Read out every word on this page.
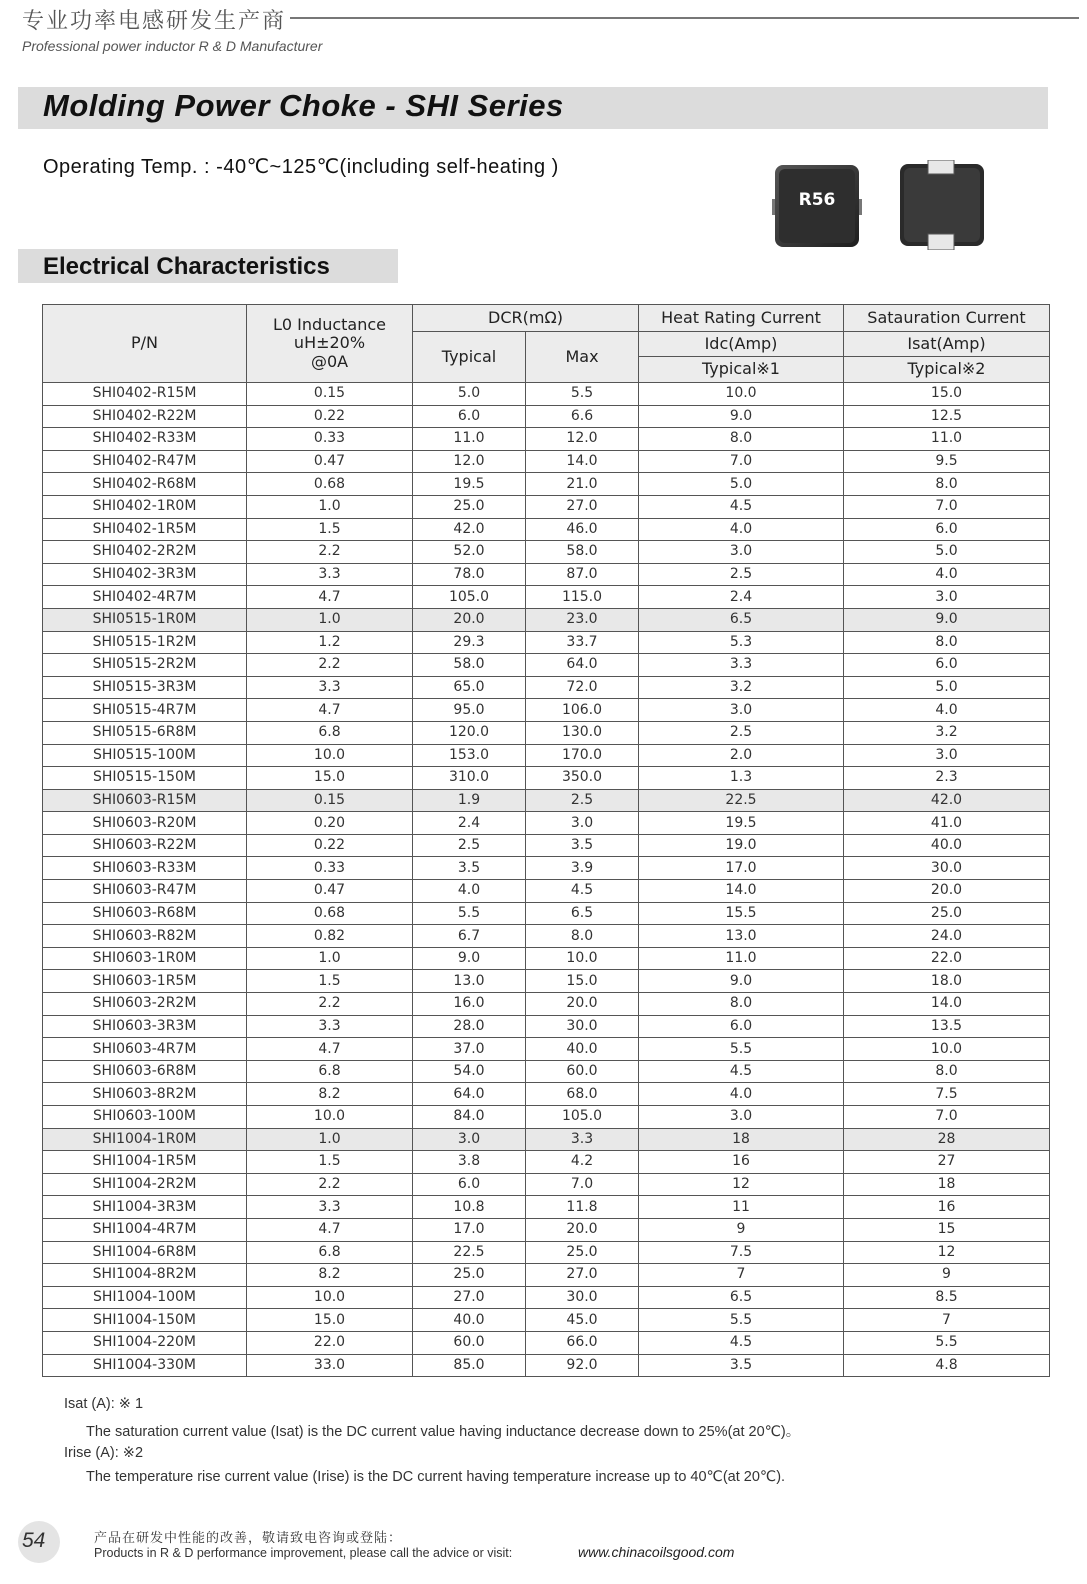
专业功率电感研发生产商
Professional power inductor R & D Manufacturer
Molding Power Choke - SHI Series
Operating Temp. : -40℃~125℃(including self-heating )
R56
Electrical Characteristics
P/N	L0 Inductance
uH±20%
@0A	DCR(mΩ)		Heat Rating Current	Satauration Current
		Typical	Max	Idc(Amp)	Isat(Amp)
				Typical※1	Typical※2
SHI0402-R15M	0.15	5.0	5.5	10.0	15.0
SHI0402-R22M	0.22	6.0	6.6	9.0	12.5
SHI0402-R33M	0.33	11.0	12.0	8.0	11.0
SHI0402-R47M	0.47	12.0	14.0	7.0	9.5
SHI0402-R68M	0.68	19.5	21.0	5.0	8.0
SHI0402-1R0M	1.0	25.0	27.0	4.5	7.0
SHI0402-1R5M	1.5	42.0	46.0	4.0	6.0
SHI0402-2R2M	2.2	52.0	58.0	3.0	5.0
SHI0402-3R3M	3.3	78.0	87.0	2.5	4.0
SHI0402-4R7M	4.7	105.0	115.0	2.4	3.0
SHI0515-1R0M	1.0	20.0	23.0	6.5	9.0
SHI0515-1R2M	1.2	29.3	33.7	5.3	8.0
SHI0515-2R2M	2.2	58.0	64.0	3.3	6.0
SHI0515-3R3M	3.3	65.0	72.0	3.2	5.0
SHI0515-4R7M	4.7	95.0	106.0	3.0	4.0
SHI0515-6R8M	6.8	120.0	130.0	2.5	3.2
SHI0515-100M	10.0	153.0	170.0	2.0	3.0
SHI0515-150M	15.0	310.0	350.0	1.3	2.3
SHI0603-R15M	0.15	1.9	2.5	22.5	42.0
SHI0603-R20M	0.20	2.4	3.0	19.5	41.0
SHI0603-R22M	0.22	2.5	3.5	19.0	40.0
SHI0603-R33M	0.33	3.5	3.9	17.0	30.0
SHI0603-R47M	0.47	4.0	4.5	14.0	20.0
SHI0603-R68M	0.68	5.5	6.5	15.5	25.0
SHI0603-R82M	0.82	6.7	8.0	13.0	24.0
SHI0603-1R0M	1.0	9.0	10.0	11.0	22.0
SHI0603-1R5M	1.5	13.0	15.0	9.0	18.0
SHI0603-2R2M	2.2	16.0	20.0	8.0	14.0
SHI0603-3R3M	3.3	28.0	30.0	6.0	13.5
SHI0603-4R7M	4.7	37.0	40.0	5.5	10.0
SHI0603-6R8M	6.8	54.0	60.0	4.5	8.0
SHI0603-8R2M	8.2	64.0	68.0	4.0	7.5
SHI0603-100M	10.0	84.0	105.0	3.0	7.0
SHI1004-1R0M	1.0	3.0	3.3	18	28
SHI1004-1R5M	1.5	3.8	4.2	16	27
SHI1004-2R2M	2.2	6.0	7.0	12	18
SHI1004-3R3M	3.3	10.8	11.8	11	16
SHI1004-4R7M	4.7	17.0	20.0	9	15
SHI1004-6R8M	6.8	22.5	25.0	7.5	12
SHI1004-8R2M	8.2	25.0	27.0	7	9
SHI1004-100M	10.0	27.0	30.0	6.5	8.5
SHI1004-150M	15.0	40.0	45.0	5.5	7
SHI1004-220M	22.0	60.0	66.0	4.5	5.5
SHI1004-330M	33.0	85.0	92.0	3.5	4.8
Isat (A): ※ 1
The saturation current value (Isat) is the DC current value having inductance decrease down to 25%(at 20℃)。
Irise (A): ※2
The temperature rise current value (Irise) is the DC current having temperature increase up to 40℃(at 20℃).
54	产品在研发中性能的改善，敬请致电咨询或登陆：
Products in R & D performance improvement, please call the advice or visit:	www.chinacoilsgood.com
